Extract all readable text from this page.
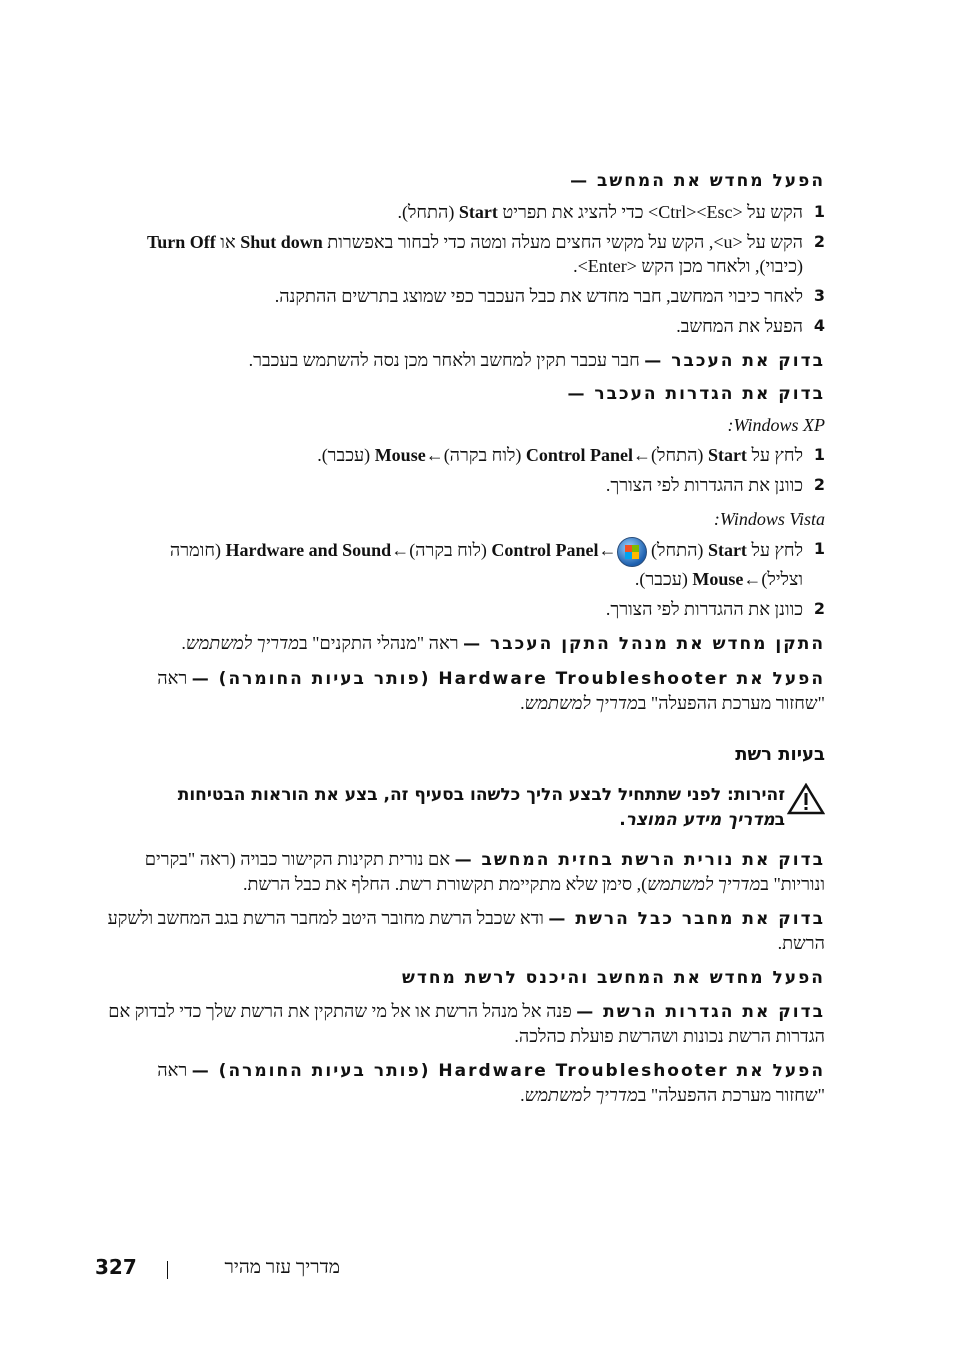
הפעל מחדש את המחשב —

1
הקש על <Ctrl><Esc> כדי להציג את תפריט Start (התחל).
2
הקש על <u>, הקש על מקשי החצים מעלה ומטה כדי לבחור באפשרות Shut down או Turn Off
(כיבוי), ולאחר מכן הקש <Enter>.
3
לאחר כיבוי המחשב, חבר מחדש את כבל העכבר כפי שמוצג בתרשים ההתקנה.
4
הפעל את המחשב.

בדוק את העכבר — חבר עכבר תקין למחשב ולאחר מכן נסה להשתמש בעכבר.

בדוק את הגדרות העכבר —

Windows XP:

1
לחץ על Start (התחל)←Control Panel (לוח בקרה)←Mouse (עכבר).
2
כוונן את ההגדרות לפי הצורך.

Windows Vista:

1
לחץ על Start (התחל)
←Control Panel (לוח בקרה)←Hardware and Sound (חומרה
וצליל)←Mouse (עכבר).
2
כוונן את ההגדרות לפי הצורך.

התקן מחדש את מנהל התקן העכבר — ראה "מנהלי התקנים" במדריך למשתמש.

הפעל את Hardware Troubleshooter (פותר בעיות החומרה) — ראה
"שחזור מערכת ההפעלה" במדריך למשתמש.

בעיות רשת

זהירות: לפני שתתחיל לבצע הליך כלשהו בסעיף זה, בצע את הוראות הבטיחות
במדריך מידע המוצר.

בדוק את נורית הרשת בחזית המחשב — אם נורית תקינות הקישור כבויה (ראה "בקרים
ונוריות" במדריך למשתמש), סימן שלא מתקיימת תקשורת רשת. החלף את כבל הרשת.

בדוק את מחבר כבל הרשת — ודא שכבל הרשת מחובר היטב למחבר הרשת בגב המחשב ולשקע
הרשת.

הפעל מחדש את המחשב והיכנס לרשת מחדש

בדוק את הגדרות הרשת — פנה אל מנהל הרשת או אל מי שהתקין את הרשת שלך כדי לבדוק אם
הגדרות הרשת נכונות ושהרשת פועלת כהלכה.

הפעל את Hardware Troubleshooter (פותר בעיות החומרה) — ראה
"שחזור מערכת ההפעלה" במדריך למשתמש.

327	מדריך עזר מהיר
